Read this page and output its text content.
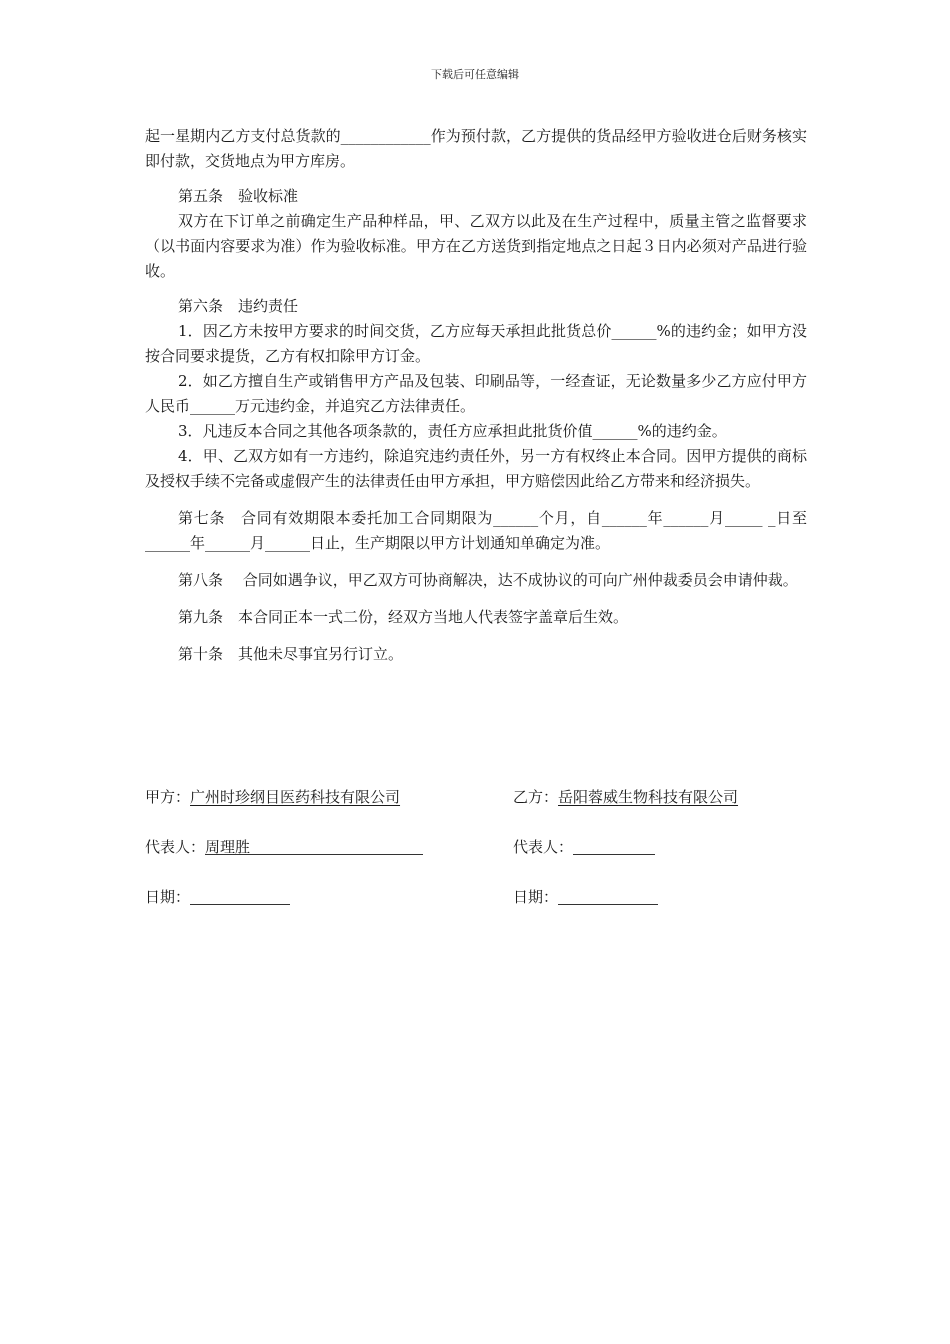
下载后可任意编辑

起一星期内乙方支付总货款的____________作为预付款，乙方提供的货品经甲方验收进仓后财务核实即付款，交货地点为甲方库房。

第五条　验收标准

双方在下订单之前确定生产品种样品，甲、乙双方以此及在生产过程中，质量主管之监督要求（以书面内容要求为准）作为验收标准。甲方在乙方送货到指定地点之日起３日内必须对产品进行验收。

第六条　违约责任

1．因乙方未按甲方要求的时间交货，乙方应每天承担此批货总价______%的违约金；如甲方没按合同要求提货，乙方有权扣除甲方订金。

2．如乙方擅自生产或销售甲方产品及包装、印刷品等，一经查证，无论数量多少乙方应付甲方人民币______万元违约金，并追究乙方法律责任。

3．凡违反本合同之其他各项条款的，责任方应承担此批货价值______%的违约金。

4．甲、乙双方如有一方违约，除追究违约责任外，另一方有权终止本合同。因甲方提供的商标及授权手续不完备或虚假产生的法律责任由甲方承担，甲方赔偿因此给乙方带来和经济损失。

第七条　合同有效期限本委托加工合同期限为______个月，自______年______月_____ _日至______年______月______日止，生产期限以甲方计划通知单确定为准。

第八条　 合同如遇争议，甲乙双方可协商解决，达不成协议的可向广州仲裁委员会申请仲裁。

第九条　本合同正本一式二份，经双方当地人代表签字盖章后生效。

第十条　其他未尽事宜另行订立。

甲方：广州时珍纲目医药科技有限公司	乙方：岳阳蓉威生物科技有限公司
代表人： 周理胜	代表人：
日期：	日期：
